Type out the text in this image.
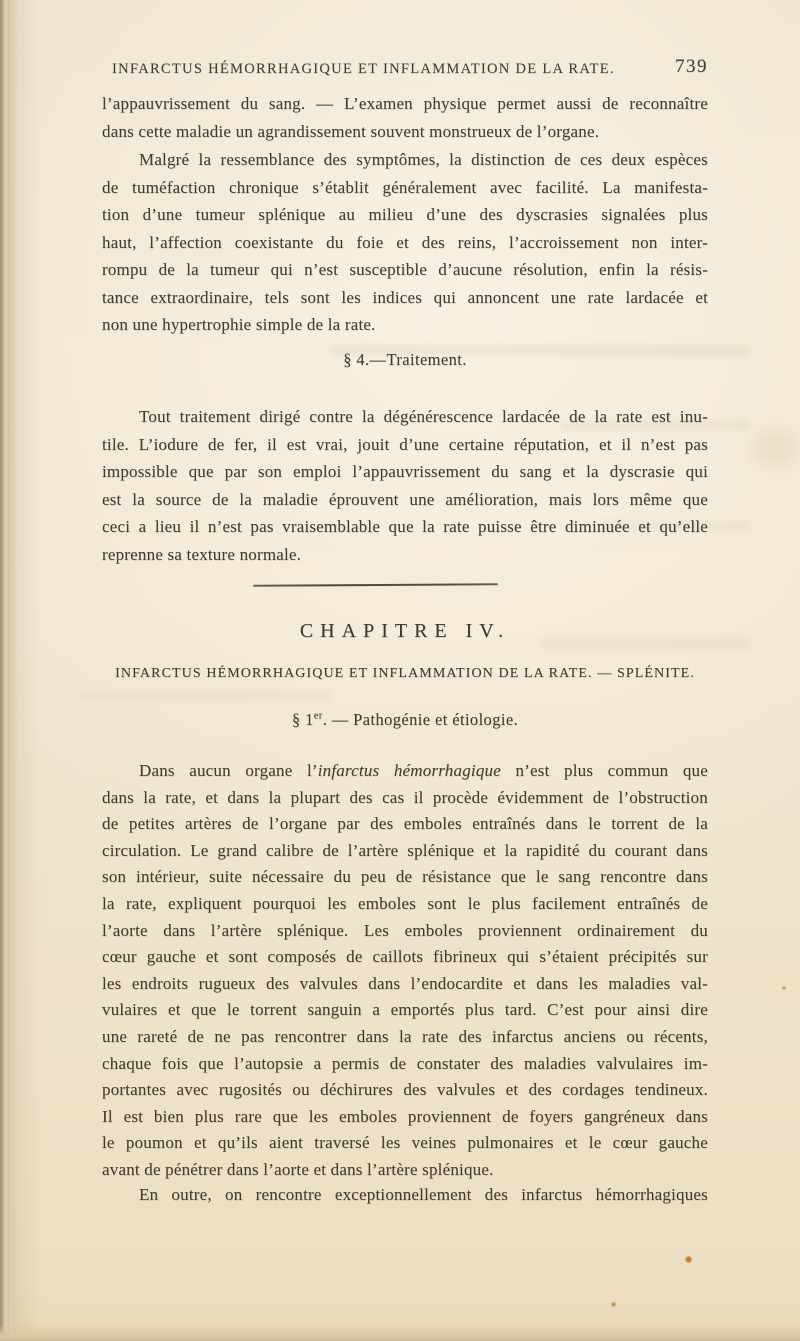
INFARCTUS HÉMORRHAGIQUE ET INFLAMMATION DE LA RATE.	739
l’appauvrissement du sang. — L’examen physique permet aussi de reconnaître
dans cette maladie un agrandissement souvent monstrueux de l’organe.
Malgré la ressemblance des symptômes, la distinction de ces deux espèces
de tuméfaction chronique s’établit généralement avec facilité. La manifesta-
tion d’une tumeur splénique au milieu d’une des dyscrasies signalées plus
haut, l’affection coexistante du foie et des reins, l’accroissement non inter-
rompu de la tumeur qui n’est susceptible d’aucune résolution, enfin la résis-
tance extraordinaire, tels sont les indices qui annoncent une rate lardacée et
non une hypertrophie simple de la rate.
§ 4.—Traitement.
Tout traitement dirigé contre la dégénérescence lardacée de la rate est inu-
tile. L’iodure de fer, il est vrai, jouit d’une certaine réputation, et il n’est pas
impossible que par son emploi l’appauvrissement du sang et la dyscrasie qui
est la source de la maladie éprouvent une amélioration, mais lors même que
ceci a lieu il n’est pas vraisemblable que la rate puisse être diminuée et qu’elle
reprenne sa texture normale.
CHAPITRE IV.
INFARCTUS HÉMORRHAGIQUE ET INFLAMMATION DE LA RATE. — SPLÉNITE.
§ 1er. — Pathogénie et étiologie.
Dans aucun organe l’infarctus hémorrhagique n’est plus commun que
dans la rate, et dans la plupart des cas il procède évidemment de l’obstruction
de petites artères de l’organe par des emboles entraînés dans le torrent de la
circulation. Le grand calibre de l’artère splénique et la rapidité du courant dans
son intérieur, suite nécessaire du peu de résistance que le sang rencontre dans
la rate, expliquent pourquoi les emboles sont le plus facilement entraînés de
l’aorte dans l’artère splénique. Les emboles proviennent ordinairement du
cœur gauche et sont composés de caillots fibrineux qui s’étaient précipités sur
les endroits rugueux des valvules dans l’endocardite et dans les maladies val-
vulaires et que le torrent sanguin a emportés plus tard. C’est pour ainsi dire
une rareté de ne pas rencontrer dans la rate des infarctus anciens ou récents,
chaque fois que l’autopsie a permis de constater des maladies valvulaires im-
portantes avec rugosités ou déchirures des valvules et des cordages tendineux.
Il est bien plus rare que les emboles proviennent de foyers gangréneux dans
le poumon et qu’ils aient traversé les veines pulmonaires et le cœur gauche
avant de pénétrer dans l’aorte et dans l’artère splénique.
En outre, on rencontre exceptionnellement des infarctus hémorrhagiques
